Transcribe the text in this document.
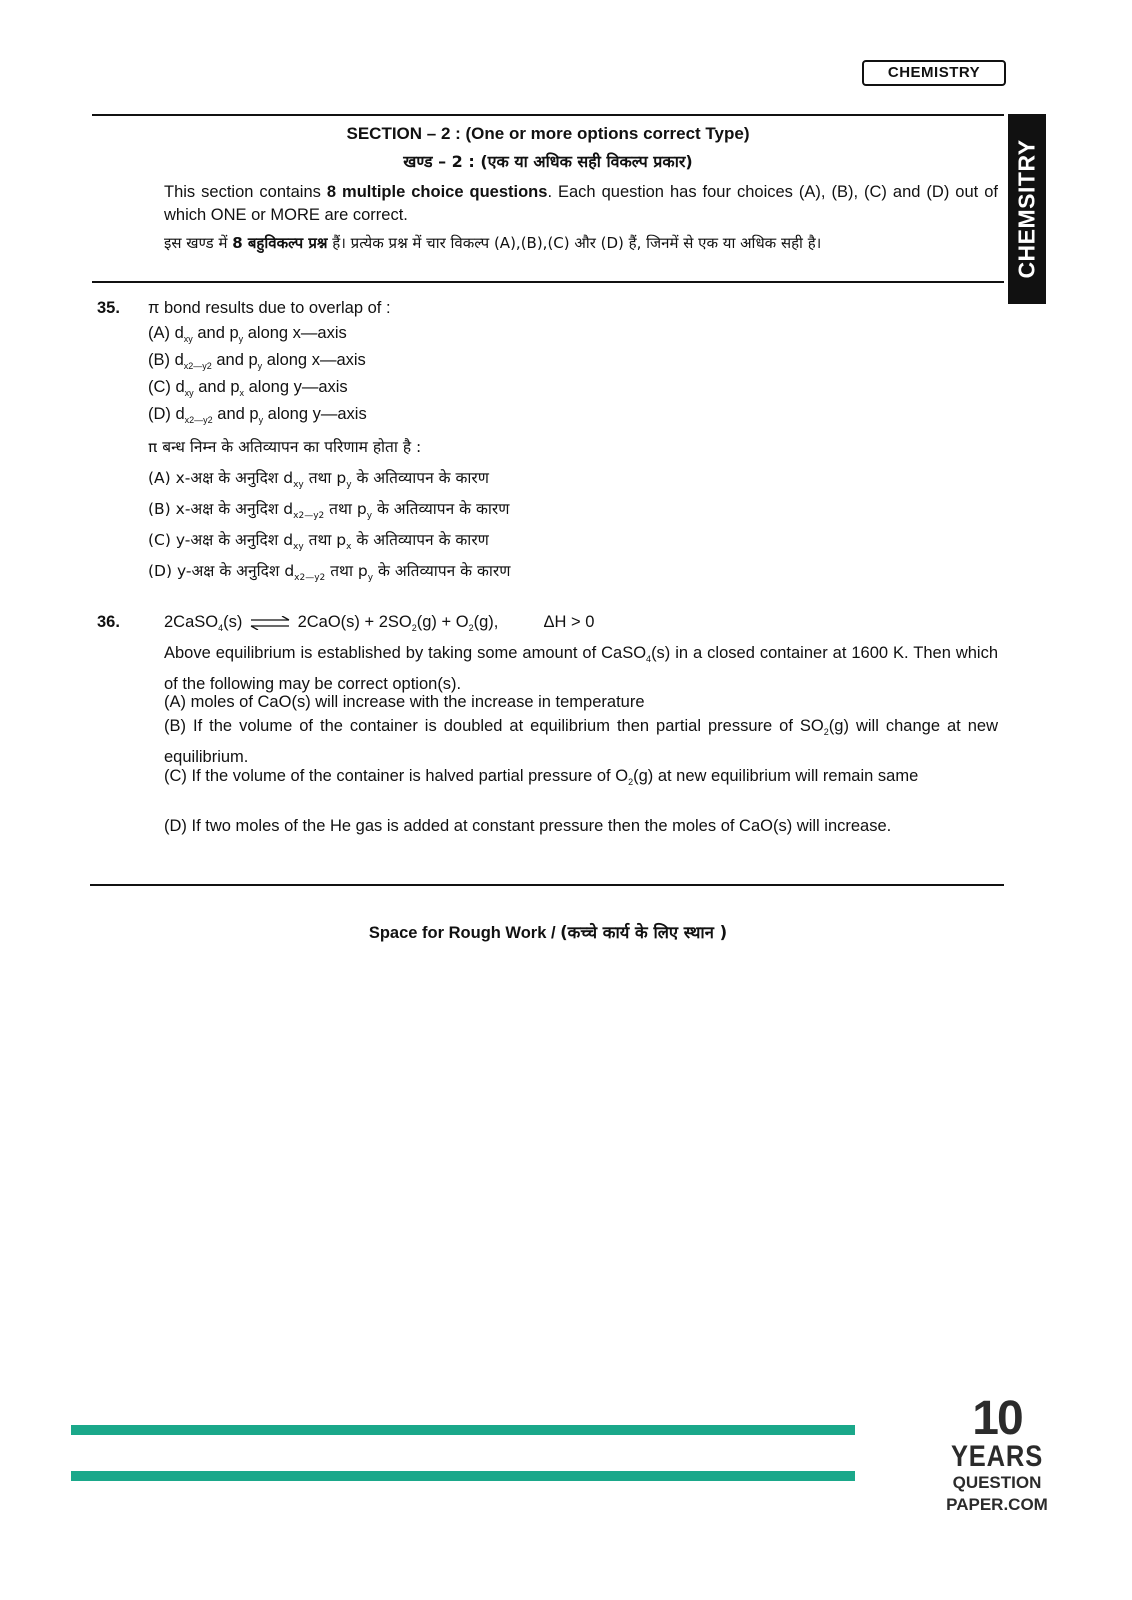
CHEMISTRY
CHEMSITRY
SECTION – 2 : (One or more options correct Type)
खण्ड – 2 : (एक या अधिक सही विकल्प प्रकार)
This section contains 8 multiple choice questions. Each question has four choices (A), (B), (C) and (D) out of which ONE or MORE are correct.
इस खण्ड में 8 बहुविकल्प प्रश्न हैं। प्रत्येक प्रश्न में चार विकल्प (A),(B),(C) और (D) हैं, जिनमें से एक या अधिक सही है।
35. π bond results due to overlap of :
(A) $d_{xy}$ and $p_y$ along x—axis
(B) $d_{x2—y2}$ and $p_y$ along x—axis
(C) $d_{xy}$ and $p_x$ along y—axis
(D) $d_{x2—y2}$ and $p_y$ along y—axis
π बन्ध निम्न के अतिव्यापन का परिणाम होता है :
(A) x-अक्ष के अनुदिश $d_{xy}$ तथा $p_y$ के अतिव्यापन के कारण
(B) x-अक्ष के अनुदिश $d_{x2—y2}$ तथा $p_y$ के अतिव्यापन के कारण
(C) y-अक्ष के अनुदिश $d_{xy}$ तथा $p_x$ के अतिव्यापन के कारण
(D) y-अक्ष के अनुदिश $d_{x2—y2}$ तथा $p_y$ के अतिव्यापन के कारण
36.	2CaSO$_4$(s) ⇌ $2CaO(s) + 2SO_2(g) + O_2(g)$,	ΔH > 0
Above equilibrium is established by taking some amount of CaSO$_4$(s) in a closed container at 1600 K. Then which of the following may be correct option(s).
(A) moles of CaO(s) will increase with the increase in temperature
(B) If the volume of the container is doubled at equilibrium then partial pressure of $SO_2(g)$ will change at new equilibrium.
(C) If the volume of the container is halved partial pressure of $O_2(g)$ at new equilibrium will remain same
(D) If two moles of the He gas is added at constant pressure then the moles of CaO(s) will increase.
Space for Rough Work / (कच्चे कार्य के लिए स्थान )
10
YEARS
QUESTION PAPER.COM
